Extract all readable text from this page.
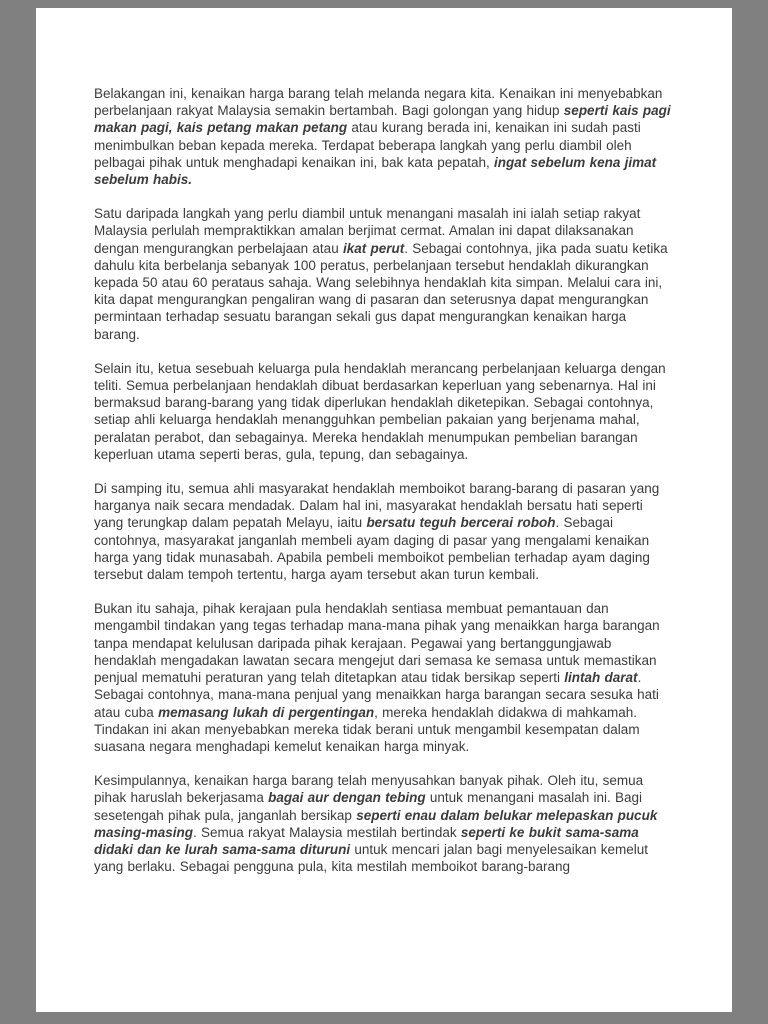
Belakangan ini, kenaikan harga barang telah melanda negara kita. Kenaikan ini menyebabkan perbelanjaan rakyat Malaysia semakin bertambah. Bagi golongan yang hidup seperti kais pagi makan pagi, kais petang makan petang atau kurang berada ini, kenaikan ini sudah pasti menimbulkan beban kepada mereka. Terdapat beberapa langkah yang perlu diambil oleh pelbagai pihak untuk menghadapi kenaikan ini, bak kata pepatah, ingat sebelum kena jimat sebelum habis.

Satu daripada langkah yang perlu diambil untuk menangani masalah ini ialah setiap rakyat Malaysia perlulah mempraktikkan amalan berjimat cermat. Amalan ini dapat dilaksanakan dengan mengurangkan perbelajaan atau ikat perut. Sebagai contohnya, jika pada suatu ketika dahulu kita berbelanja sebanyak 100 peratus, perbelanjaan tersebut hendaklah dikurangkan kepada 50 atau 60 perataus sahaja. Wang selebihnya hendaklah kita simpan. Melalui cara ini, kita dapat mengurangkan pengaliran wang di pasaran dan seterusnya dapat mengurangkan permintaan terhadap sesuatu barangan sekali gus dapat mengurangkan kenaikan harga barang.

Selain itu, ketua sesebuah keluarga pula hendaklah merancang perbelanjaan keluarga dengan teliti. Semua perbelanjaan hendaklah dibuat berdasarkan keperluan yang sebenarnya. Hal ini bermaksud barang-barang yang tidak diperlukan hendaklah diketepikan. Sebagai contohnya, setiap ahli keluarga hendaklah menangguhkan pembelian pakaian yang berjenama mahal, peralatan perabot, dan sebagainya. Mereka hendaklah menumpukan pembelian barangan keperluan utama seperti beras, gula, tepung, dan sebagainya.

Di samping itu, semua ahli masyarakat hendaklah memboikot barang-barang di pasaran yang harganya naik secara mendadak. Dalam hal ini, masyarakat hendaklah bersatu hati seperti yang terungkap dalam pepatah Melayu, iaitu bersatu teguh bercerai roboh. Sebagai contohnya, masyarakat janganlah membeli ayam daging di pasar yang mengalami kenaikan harga yang tidak munasabah. Apabila pembeli memboikot pembelian terhadap ayam daging tersebut dalam tempoh tertentu, harga ayam tersebut akan turun kembali.

Bukan itu sahaja, pihak kerajaan pula hendaklah sentiasa membuat pemantauan dan mengambil tindakan yang tegas terhadap mana-mana pihak yang menaikkan harga barangan tanpa mendapat kelulusan daripada pihak kerajaan. Pegawai yang bertanggungjawab hendaklah mengadakan lawatan secara mengejut dari semasa ke semasa untuk memastikan penjual mematuhi peraturan yang telah ditetapkan atau tidak bersikap seperti lintah darat. Sebagai contohnya, mana-mana penjual yang menaikkan harga barangan secara sesuka hati atau cuba memasang lukah di pergentingan, mereka hendaklah didakwa di mahkamah. Tindakan ini akan menyebabkan mereka tidak berani untuk mengambil kesempatan dalam suasana negara menghadapi kemelut kenaikan harga minyak.

Kesimpulannya, kenaikan harga barang telah menyusahkan banyak pihak. Oleh itu, semua pihak haruslah bekerjasama bagai aur dengan tebing untuk menangani masalah ini. Bagi sesetengah pihak pula, janganlah bersikap seperti enau dalam belukar melepaskan pucuk masing-masing. Semua rakyat Malaysia mestilah bertindak seperti ke bukit sama-sama didaki dan ke lurah sama-sama dituruni untuk mencari jalan bagi menyelesaikan kemelut yang berlaku. Sebagai pengguna pula, kita mestilah memboikot barang-barang
